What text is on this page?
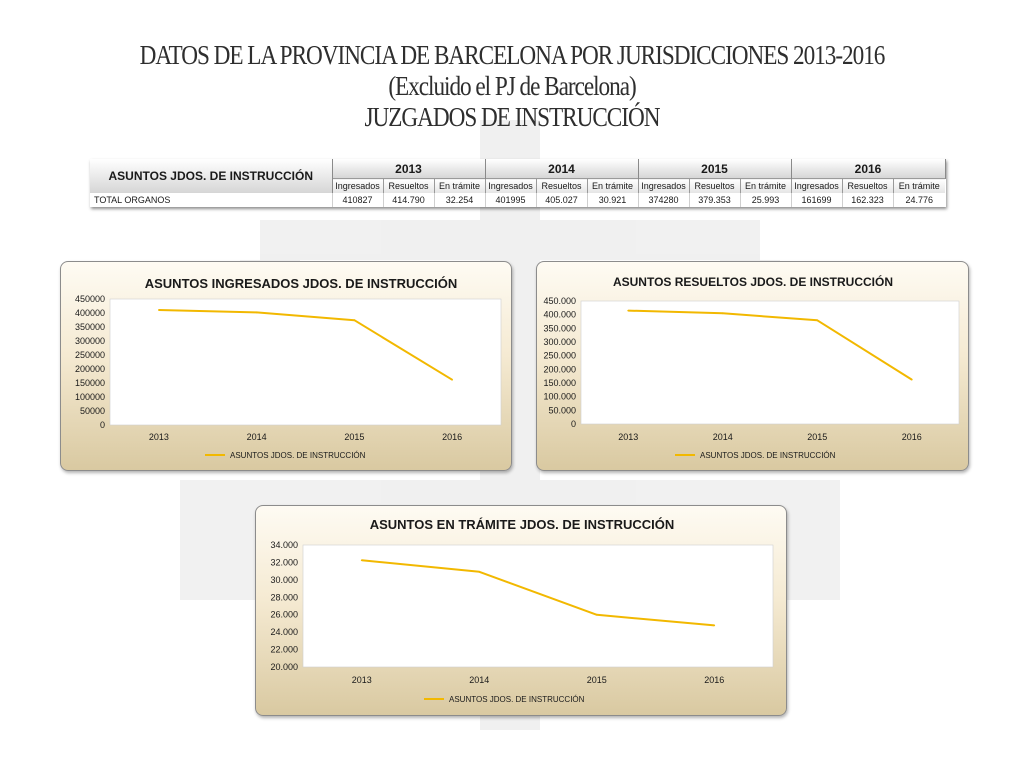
DATOS DE LA PROVINCIA DE BARCELONA POR JURISDICCIONES 2013-2016
(Excluido el PJ de Barcelona)
JUZGADOS DE INSTRUCCIÓN
ASUNTOS JDOS. DE INSTRUCCIÓN	2013			2014			2015			2016		
	Ingresados	Resueltos	En trámite	Ingresados	Resueltos	En trámite	Ingresados	Resueltos	En trámite	Ingresados	Resueltos	En trámite
TOTAL ORGANOS	410827	414.790	32.254	401995	405.027	30.921	374280	379.353	25.993	161699	162.323	24.776
ASUNTOS INGRESADOS JDOS. DE INSTRUCCIÓN
0
50000
100000
150000
200000
250000
300000
350000
400000
450000
2013	2014	2015	2016
ASUNTOS JDOS. DE INSTRUCCIÓN
ASUNTOS RESUELTOS JDOS. DE INSTRUCCIÓN
0
50.000
100.000
150.000
200.000
250.000
300.000
350.000
400.000
450.000
2013	2014	2015	2016
ASUNTOS JDOS. DE INSTRUCCIÓN
ASUNTOS EN TRÁMITE JDOS. DE INSTRUCCIÓN
20.000
22.000
24.000
26.000
28.000
30.000
32.000
34.000
2013	2014	2015	2016
ASUNTOS JDOS. DE INSTRUCCIÓN
